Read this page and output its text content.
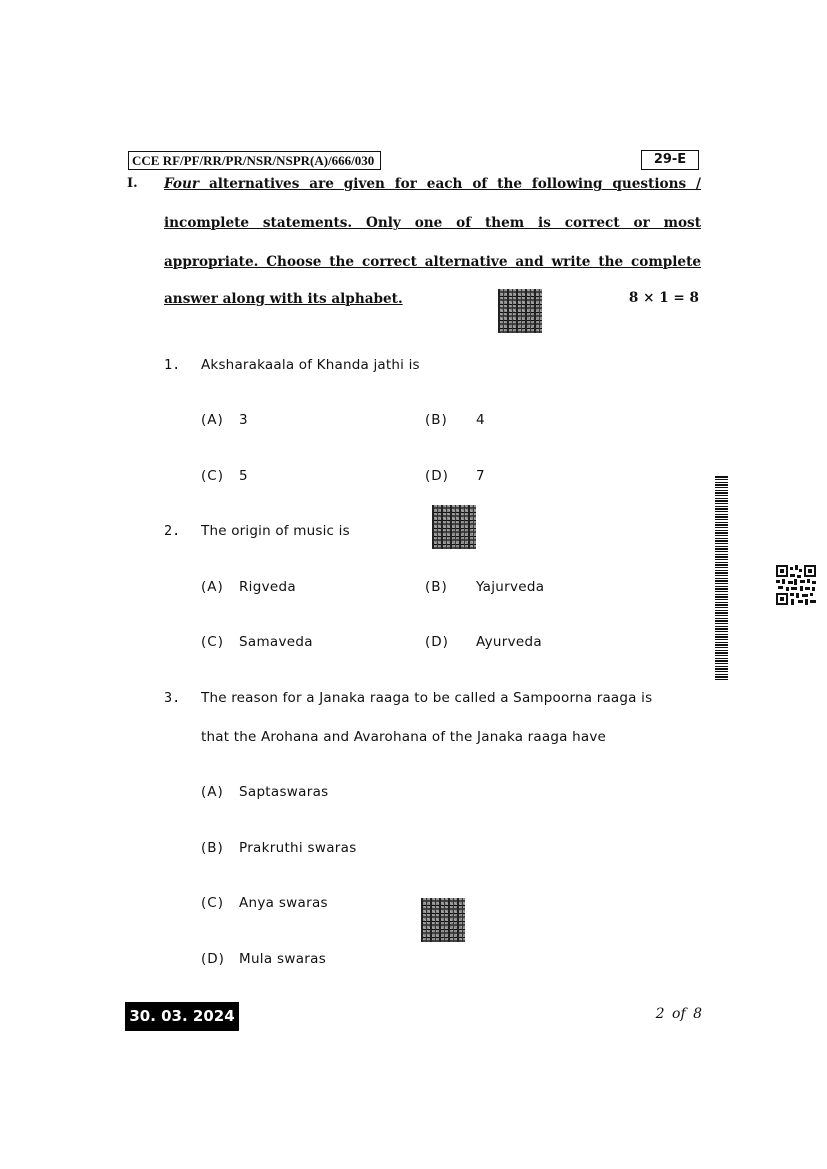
CCE RF/PF/RR/PR/NSR/NSPR(A)/666/030	29-E
I. Four alternatives are given for each of the following questions /
incomplete statements. Only one of them is correct or most
appropriate. Choose the correct alternative and write the complete
answer along with its alphabet.	8 × 1 = 8
1. Aksharakaala of Khanda jathi is
(A) 3	(B) 4
(C) 5	(D) 7
2. The origin of music is
(A) Rigveda	(B) Yajurveda
(C) Samaveda	(D) Ayurveda
3. The reason for a Janaka raaga to be called a Sampoorna raaga is
that the Arohana and Avarohana of the Janaka raaga have
(A) Saptaswaras
(B) Prakruthi swaras
(C) Anya swaras
(D) Mula swaras
30. 03. 2024	2 of 8
